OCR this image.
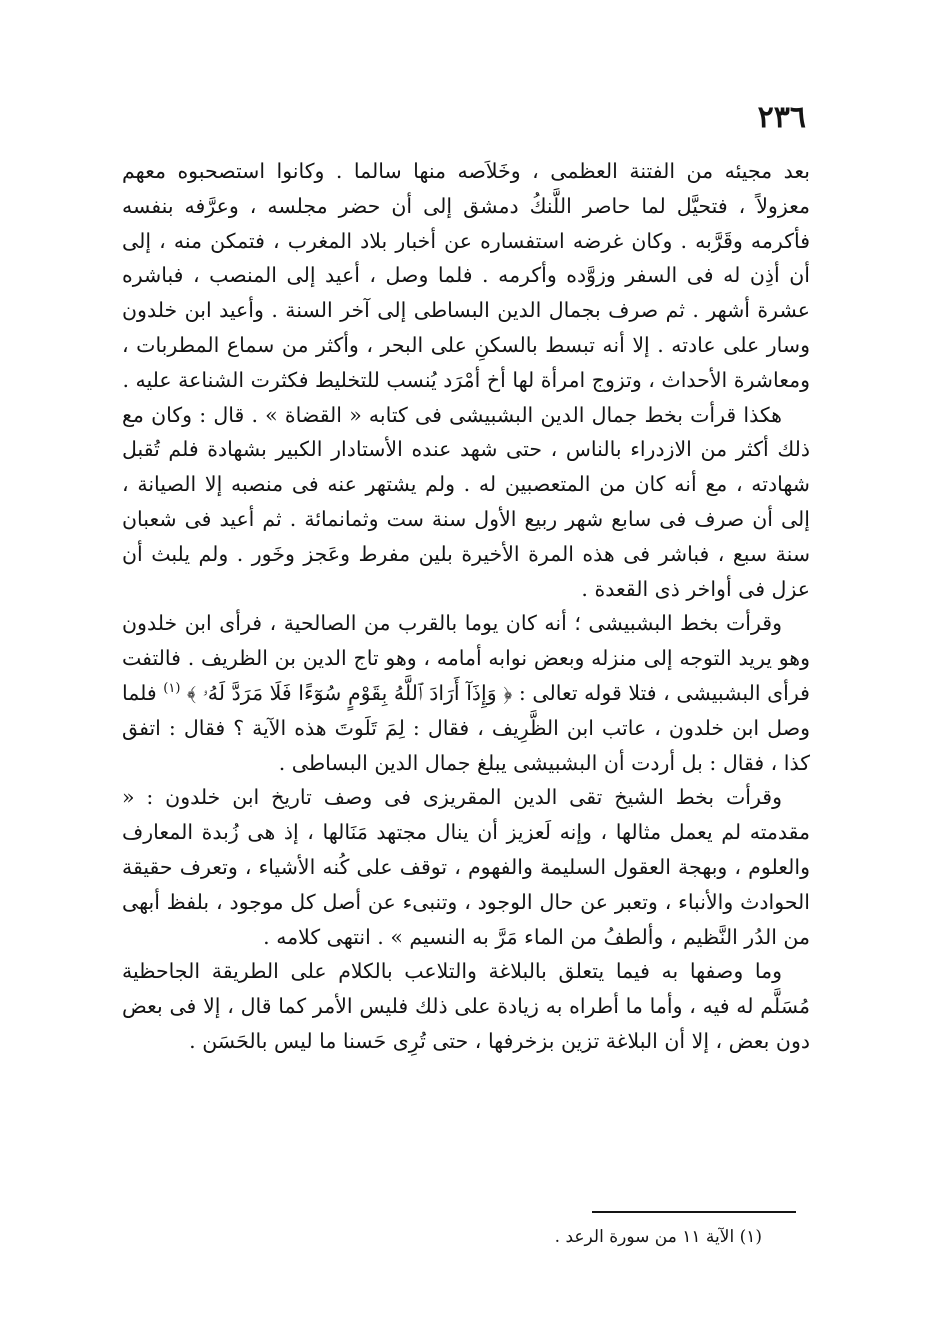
٢٣٦

بعد مجيئه من الفتنة العظمى ، وخَلاَصه منها سالما . وكانوا استصحبوه معهم معزولاً ، فتحيَّل لما حاصر اللَّنكُ دمشق إلى أن حضر مجلسه ، وعرَّفه بنفسه فأكرمه وقَرَّبه . وكان غرضه استفساره عن أخبار بلاد المغرب ، فتمكن منه ، إلى أن أذِن له فى السفر وزوَّده وأكرمه . فلما وصل ، أعيد إلى المنصب ، فباشره عشرة أشهر . ثم صرف بجمال الدين البساطى إلى آخر السنة . وأعيد ابن خلدون وسار على عادته . إلا أنه تبسط بالسكنِ على البحر ، وأكثر من سماع المطربات ، ومعاشرة الأحداث ، وتزوج امرأة لها أخ أمْرَد يُنسب للتخليط فكثرت الشناعة عليه .

هكذا قرأت بخط جمال الدين البشبيشى فى كتابه « القضاة » . قال : وكان مع ذلك أكثر من الازدراء بالناس ، حتى شهد عنده الأستادار الكبير بشهادة فلم تُقبل شهادته ، مع أنه كان من المتعصبين له . ولم يشتهر عنه فى منصبه إلا الصيانة ، إلى أن صرف فى سابع شهر ربيع الأول سنة ست وثمانمائة . ثم أعيد فى شعبان سنة سبع ، فباشر فى هذه المرة الأخيرة بلين مفرط وعَجز وخَور . ولم يلبث أن عزل فى أواخر ذى القعدة .

وقرأت بخط البشبيشى ؛ أنه كان يوما بالقرب من الصالحية ، فرأى ابن خلدون وهو يريد التوجه إلى منزله وبعض نوابه أمامه ، وهو تاج الدين بن الظريف . فالتفت فرأى البشبيشى ، فتلا قوله تعالى : ﴿ وَإِذَآ أَرَادَ ٱللَّهُ بِقَوْمٍ سُوٓءًا فَلَا مَرَدَّ لَهُۥ ﴾ $^{(١)}$ فلما وصل ابن خلدون ، عاتب ابن الظَّرِيف ، فقال : لِمَ تَلَوتَ هذه الآية ؟ فقال : اتفق كذا ، فقال : بل أردت أن البشبيشى يبلغ جمال الدين البساطى .

وقرأت بخط الشيخ تقى الدين المقريزى فى وصف تاريخ ابن خلدون : « مقدمته لم يعمل مثالها ، وإنه لَعزيز أن ينال مجتهد مَنَالها ، إذ هى زُبدة المعارف والعلوم ، وبهجة العقول السليمة والفهوم ، توقف على كُنه الأشياء ، وتعرف حقيقة الحوادث والأنباء ، وتعبر عن حال الوجود ، وتنبىء عن أصل كل موجود ، بلفظ أبهى من الدُر النَّظيم ، وألطفُ من الماء مَرَّ به النسيم » . انتهى كلامه .

وما وصفها به فيما يتعلق بالبلاغة والتلاعب بالكلام على الطريقة الجاحظية مُسَلَّم له فيه ، وأما ما أطراه به زيادة على ذلك فليس الأمر كما قال ، إلا فى بعض دون بعض ، إلا أن البلاغة تزين بزخرفها ، حتى تُرِى حَسنا ما ليس بالحَسَن .

(١) الآية ١١ من سورة الرعد .
